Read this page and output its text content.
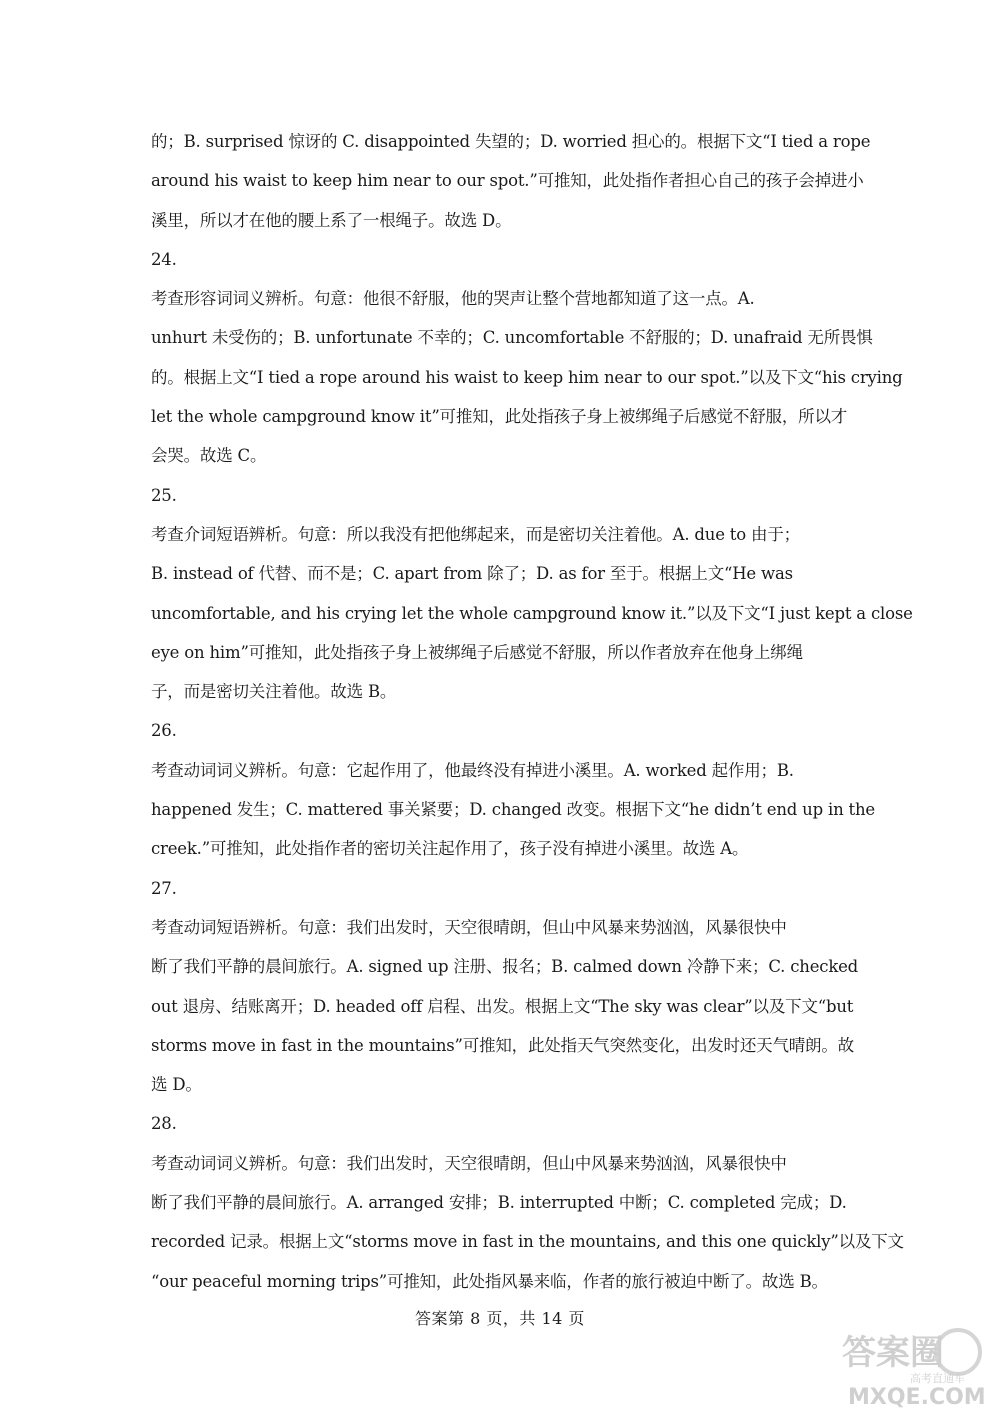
的；B. surprised 惊讶的 C. disappointed 失望的；D. worried 担心的。根据下文“I tied a rope
around his waist to keep him near to our spot.”可推知，此处指作者担心自己的孩子会掉进小
溪里，所以才在他的腰上系了一根绳子。故选 D。
24.
考查形容词词义辨析。句意：他很不舒服，他的哭声让整个营地都知道了这一点。A.
unhurt 未受伤的；B. unfortunate 不幸的；C. uncomfortable 不舒服的；D. unafraid 无所畏惧
的。根据上文“I tied a rope around his waist to keep him near to our spot.”以及下文“his crying
let the whole campground know it”可推知，此处指孩子身上被绑绳子后感觉不舒服，所以才
会哭。故选 C。
25.
考查介词短语辨析。句意：所以我没有把他绑起来，而是密切关注着他。A. due to 由于；
B. instead of 代替、而不是；C. apart from 除了；D. as for 至于。根据上文“He was
uncomfortable, and his crying let the whole campground know it.”以及下文“I just kept a close
eye on him”可推知，此处指孩子身上被绑绳子后感觉不舒服，所以作者放弃在他身上绑绳
子，而是密切关注着他。故选 B。
26.
考查动词词义辨析。句意：它起作用了，他最终没有掉进小溪里。A. worked 起作用；B.
happened 发生；C. mattered 事关紧要；D. changed 改变。根据下文“he didn’t end up in the
creek.”可推知，此处指作者的密切关注起作用了，孩子没有掉进小溪里。故选 A。
27.
考查动词短语辨析。句意：我们出发时，天空很晴朗，但山中风暴来势汹汹，风暴很快中
断了我们平静的晨间旅行。A. signed up 注册、报名；B. calmed down 冷静下来；C. checked
out 退房、结账离开；D. headed off 启程、出发。根据上文“The sky was clear”以及下文“but
storms move in fast in the mountains”可推知，此处指天气突然变化，出发时还天气晴朗。故
选 D。
28.
考查动词词义辨析。句意：我们出发时，天空很晴朗，但山中风暴来势汹汹，风暴很快中
断了我们平静的晨间旅行。A. arranged 安排；B. interrupted 中断；C. completed 完成；D.
recorded 记录。根据上文“storms move in fast in the mountains, and this one quickly”以及下文
“our peaceful morning trips”可推知，此处指风暴来临，作者的旅行被迫中断了。故选 B。
答案第 8 页，共 14 页
答案圈
高考直通车
MXQE.COM
